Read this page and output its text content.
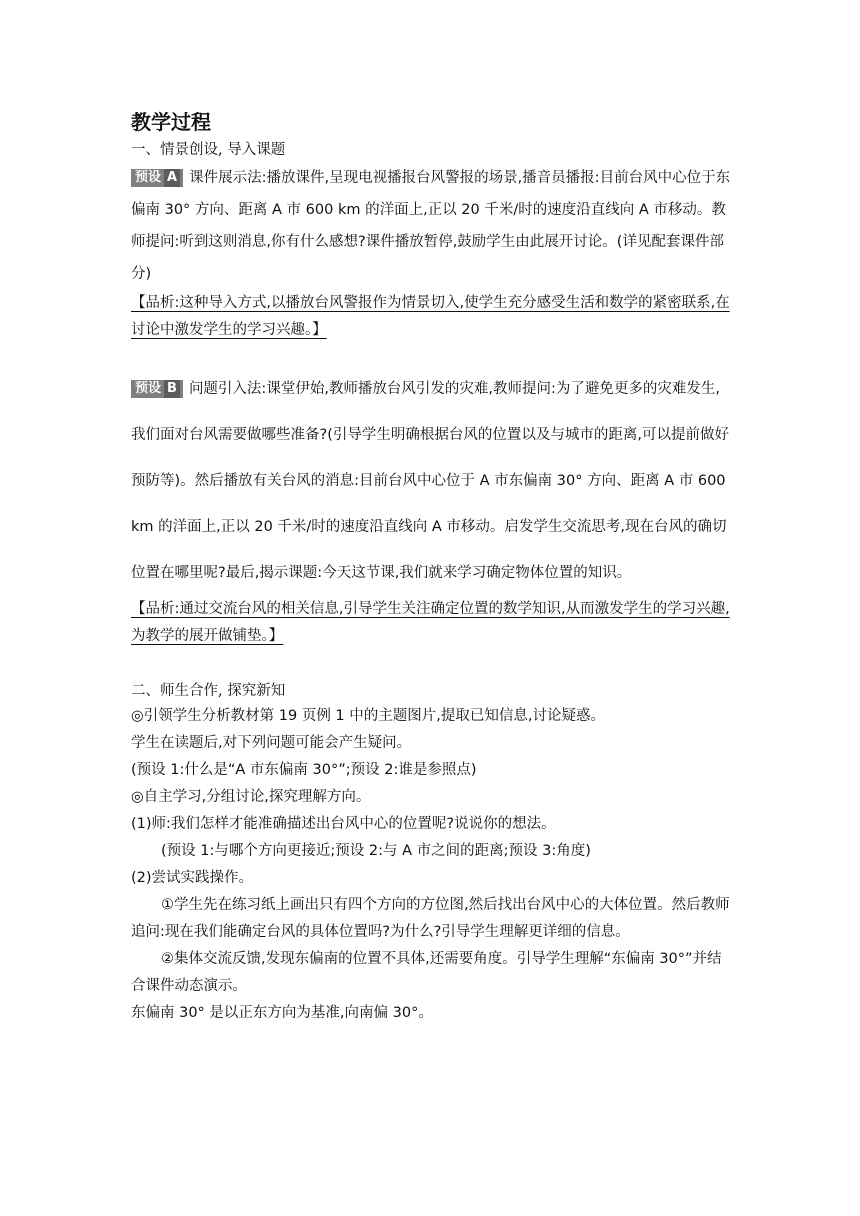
教学过程

一、情景创设, 导入课题

预设 A 课件展示法:播放课件,呈现电视播报台风警报的场景,播音员播报:目前台风中心位于东偏南 30° 方向、距离 A 市 600 km 的洋面上,正以 20 千米/时的速度沿直线向 A 市移动。教师提问:听到这则消息,你有什么感想?课件播放暂停,鼓励学生由此展开讨论。(详见配套课件部分)

【品析:这种导入方式,以播放台风警报作为情景切入,使学生充分感受生活和数学的紧密联系,在讨论中激发学生的学习兴趣。】

预设 B 问题引入法:课堂伊始,教师播放台风引发的灾难,教师提问:为了避免更多的灾难发生,我们面对台风需要做哪些准备?(引导学生明确根据台风的位置以及与城市的距离,可以提前做好预防等)。然后播放有关台风的消息:目前台风中心位于 A 市东偏南 30° 方向、距离 A 市 600 km 的洋面上,正以 20 千米/时的速度沿直线向 A 市移动。启发学生交流思考,现在台风的确切位置在哪里呢?最后,揭示课题:今天这节课,我们就来学习确定物体位置的知识。

【品析:通过交流台风的相关信息,引导学生关注确定位置的数学知识,从而激发学生的学习兴趣,为教学的展开做铺垫。】

二、师生合作, 探究新知

◎引领学生分析教材第 19 页例 1 中的主题图片,提取已知信息,讨论疑惑。

学生在读题后,对下列问题可能会产生疑问。

(预设 1:什么是“A 市东偏南 30°”;预设 2:谁是参照点)

◎自主学习,分组讨论,探究理解方向。

(1)师:我们怎样才能准确描述出台风中心的位置呢?说说你的想法。

(预设 1:与哪个方向更接近;预设 2:与 A 市之间的距离;预设 3:角度)

(2)尝试实践操作。

①学生先在练习纸上画出只有四个方向的方位图,然后找出台风中心的大体位置。然后教师追问:现在我们能确定台风的具体位置吗?为什么?引导学生理解更详细的信息。

②集体交流反馈,发现东偏南的位置不具体,还需要角度。引导学生理解“东偏南 30°”并结合课件动态演示。

东偏南 30° 是以正东方向为基准,向南偏 30°。
